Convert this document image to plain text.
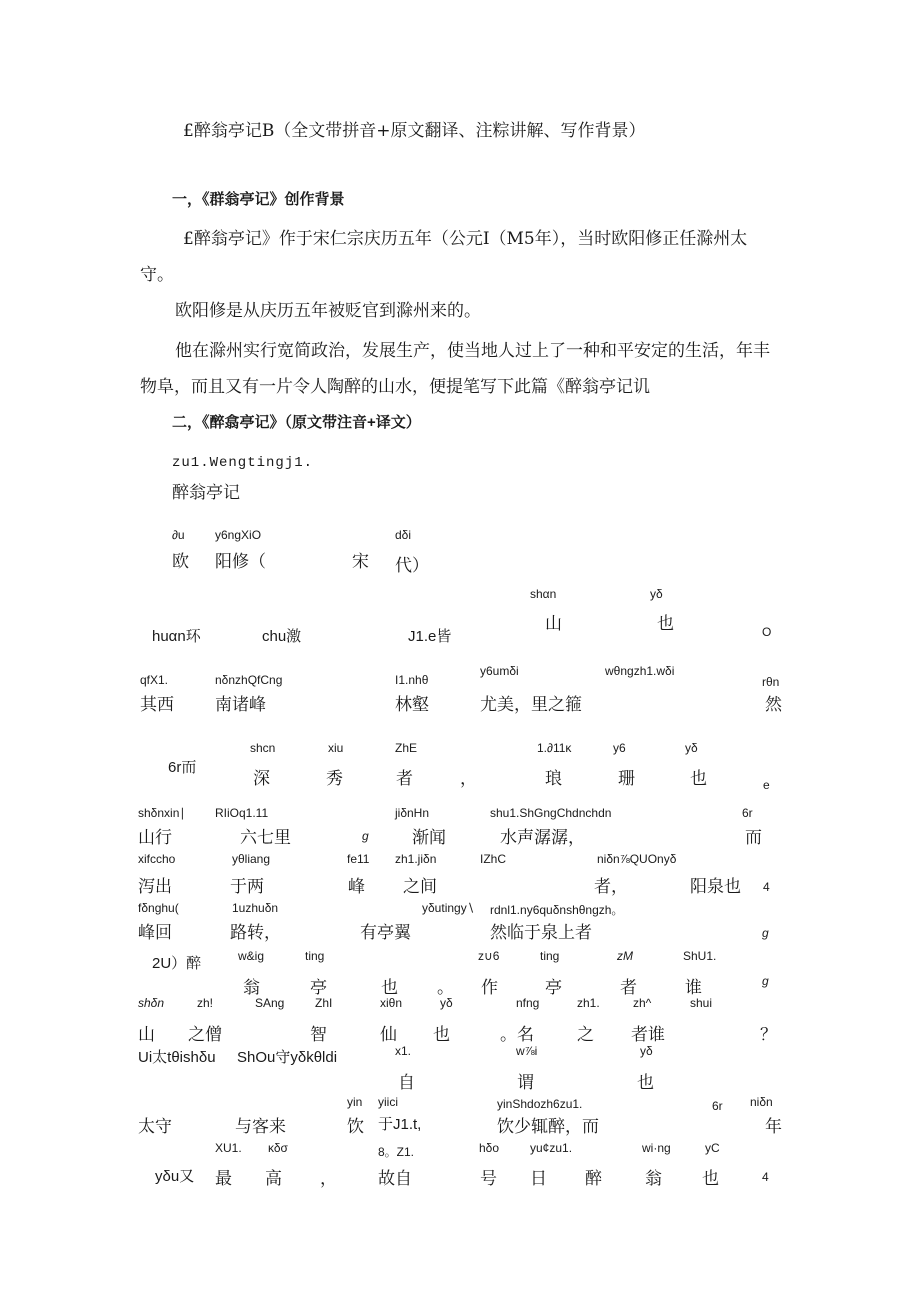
£醉翁亭记B（全文带拼音+原文翻译、注粽讲解、写作背景）
一，《群翁亭记》创作背景
£醉翁亭记》作于宋仁宗庆历五年（公元I（M5年），当时欧阳修正任滁州太
守。
欧阳修是从庆历五年被贬官到滁州来的。
他在滁州实行宽简政治，发展生产，使当地人过上了一种和平安定的生活，年丰
物阜，而且又有一片令人陶醉的山水，便提笔写下此篇《醉翁亭记讥
二，《醉翕亭记》（原文带注音+译文）
zu1.Wengtingj1.
醉翁亭记
∂u	y6ngXiO	dδi
欧 阳修（	宋 代）
shαn	yδ
山	也
huαn环	chu激	J1.e皆	O
y6umδi	wθngzh1.wδi
qfX1.	nδnzhQfCng	I1.nhθ	rθn
其西 南诸峰	林壑	尤美，里之箍	然
shcn	xiu	ZhE	1.∂11κ	y6	yδ
6r而
深	秀	者	，	琅	珊	也	e
shδnxin∣ RIiOq1.11	jiδnHn	shu1.ShGngChdnchdn	6r
山行	六七里	g	渐闻	水声潺潺，	而
xifccho	yθliang	fe11 zh1.jiδn	IZhC	niδn⅞QUOnyδ
泻出	于两	峰 之间	者，	阳泉也 4
fδnghu(	1uzhuδn	yδutingy∖ rdnl1.ny6quδnshθngzh。
峰回	路转，	有亭翼	然临于泉上者	g
2U）醉	w&ig	ting	z∪6	ting	zM	ShU1.
g
翁	亭	也 。 作	亭	者	谁
shδn	zh!	SAng	ZhI	xiθn	yδ	nfng	zh1.	zh^	shui
山 之僧	智	仙 也	。名	之 者谁	？
Ui太tθishδu ShOu守yδkθldi	x1.	w⅞i	yδ
自	谓	也
yin yiici	yinShdozh6zu1.	6r niδn
太守	与客来	饮 于J1.t,	饮少辄醉，而	年
XU1. κδσ	8。Z1.	hδo	yu¢zu1.	wi·ng	yC
yδu又 最 高 ， 故自	号 日 醉	翁 也	4
